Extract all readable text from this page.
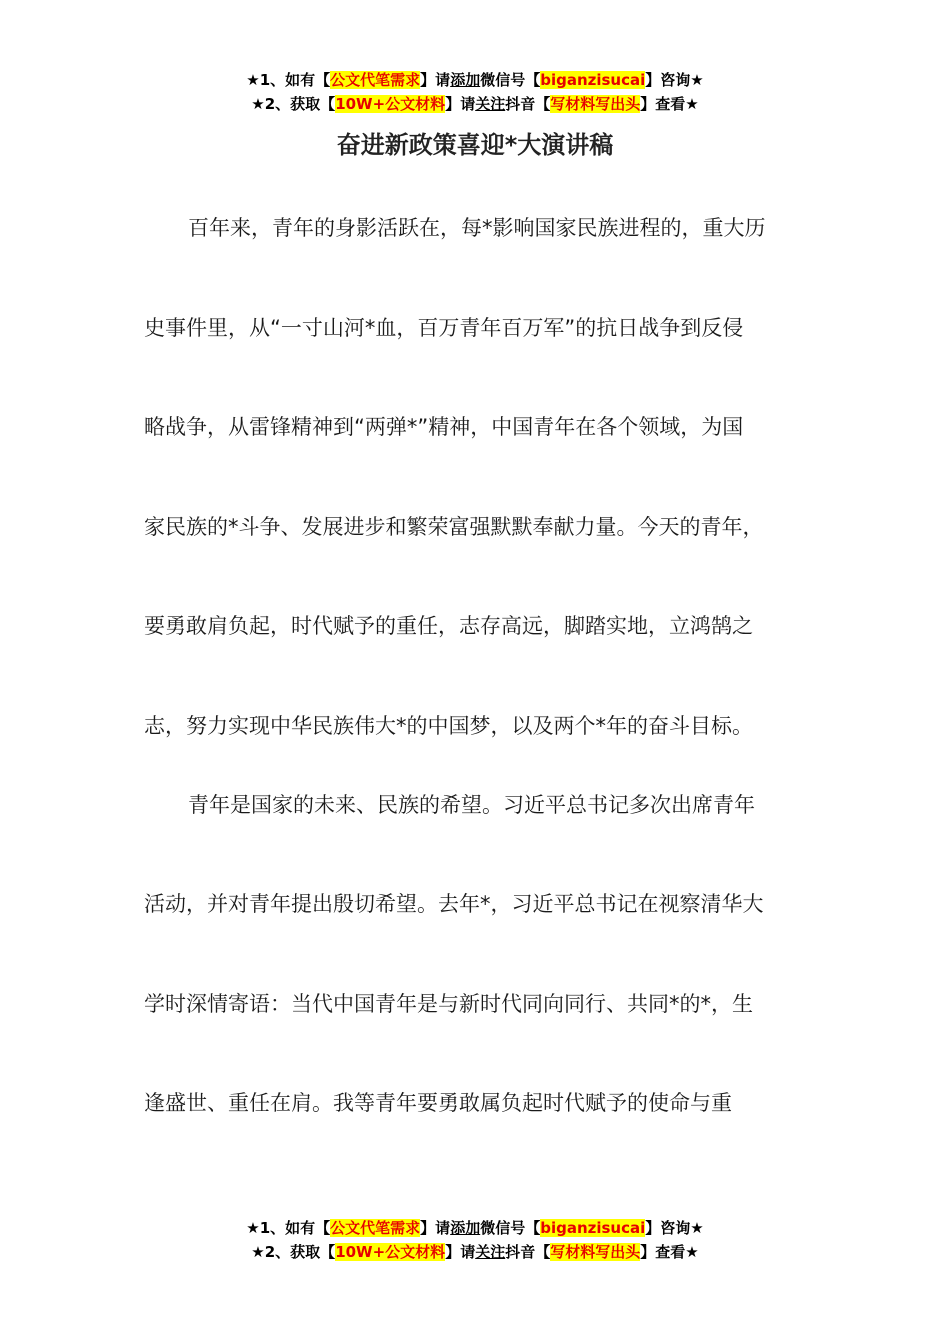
★1、如有【公文代笔需求】请添加微信号【biganzisucai】咨询★
★2、获取【10W+公文材料】请关注抖音【写材料写出头】查看★
奋进新政策喜迎*大演讲稿
百年来，青年的身影活跃在，每*影响国家民族进程的，重大历
史事件里，从“一寸山河*血，百万青年百万军”的抗日战争到反侵
略战争，从雷锋精神到“两弹*”精神，中国青年在各个领域，为国
家民族的*斗争、发展进步和繁荣富强默默奉献力量。今天的青年，
要勇敢肩负起，时代赋予的重任，志存高远，脚踏实地，立鸿鹄之
志，努力实现中华民族伟大*的中国梦，以及两个*年的奋斗目标。
青年是国家的未来、民族的希望。习近平总书记多次出席青年
活动，并对青年提出殷切希望。去年*，习近平总书记在视察清华大
学时深情寄语：当代中国青年是与新时代同向同行、共同*的*，生
逢盛世、重任在肩。我等青年要勇敢属负起时代赋予的使命与重
★1、如有【公文代笔需求】请添加微信号【biganzisucai】咨询★
★2、获取【10W+公文材料】请关注抖音【写材料写出头】查看★
